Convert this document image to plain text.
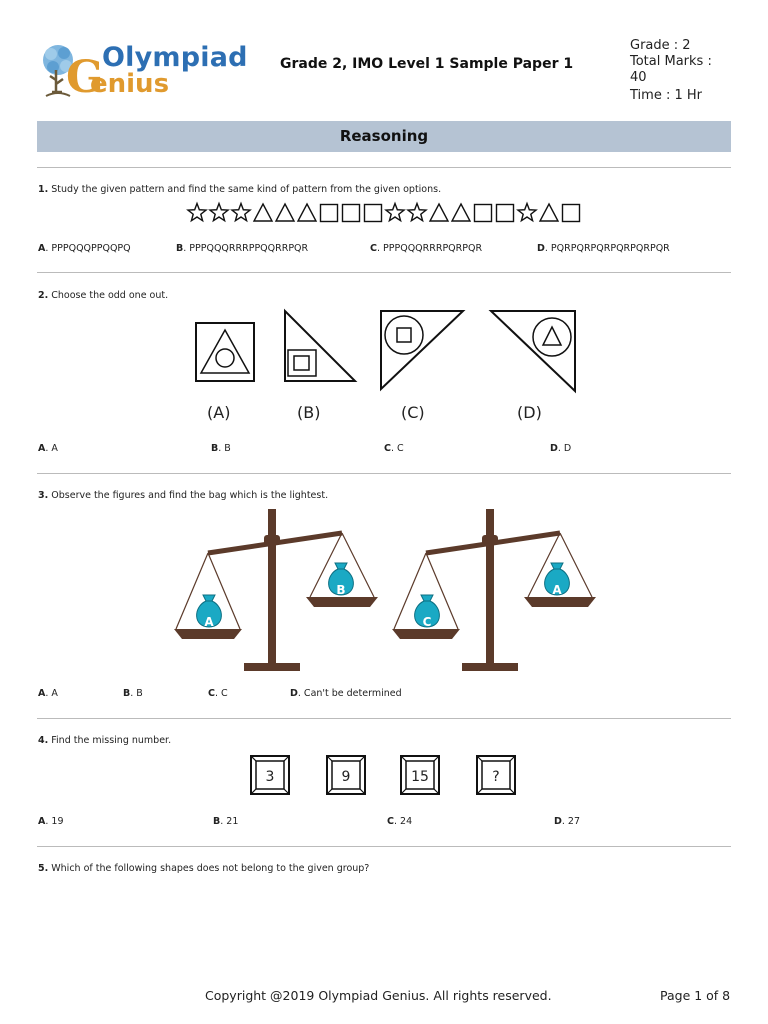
G
Olympiad
enius
Grade 2, IMO Level 1 Sample Paper 1
Grade : 2
Total Marks :
40
Time : 1 Hr
Reasoning
1. Study the given pattern and find the same kind of pattern from the given options.
A. PPPQQQPPQQPQ	B. PPPQQQRRRPPQQRRPQR	C. PPPQQQRRRPQRPQR	D. PQRPQRPQRPQRPQRPQR
2. Choose the odd one out.
(A)	(B)	(C)	(D)
A. A	B. B	C. C	D. D
3. Observe the figures and find the bag which is the lightest.
A
B
C
A
A. A	B. B	C. C	D. Can't be determined
4. Find the missing number.
3	9	15	?
A. 19	B. 21	C. 24	D. 27
5. Which of the following shapes does not belong to the given group?
Copyright @2019 Olympiad Genius. All rights reserved.	Page 1 of 8
